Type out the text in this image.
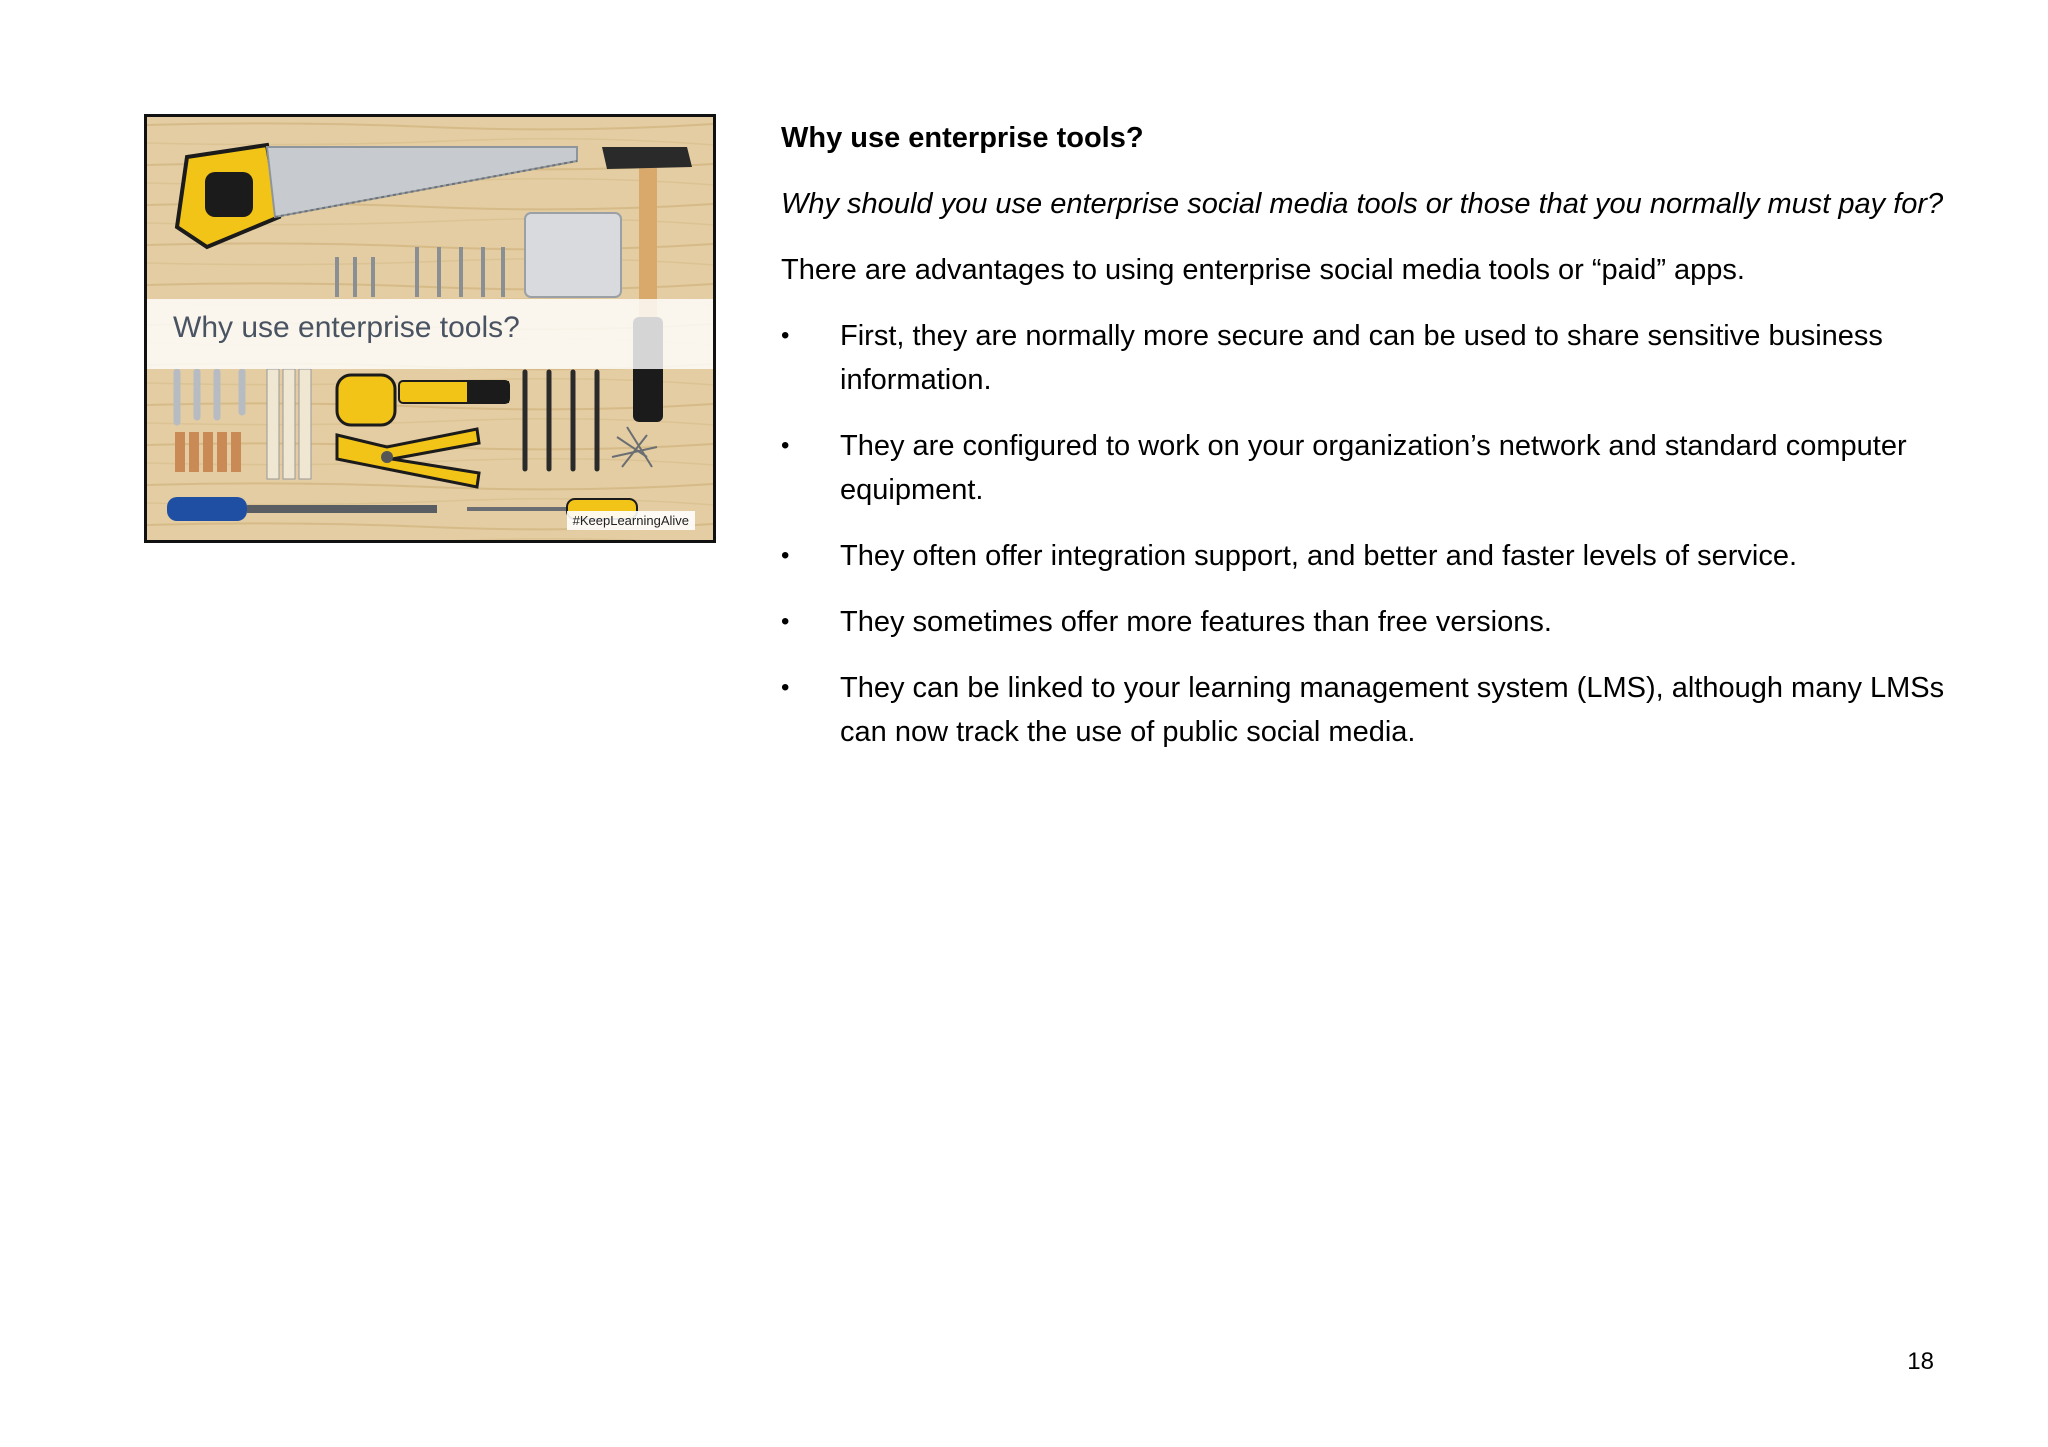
Why use enterprise tools?
#KeepLearningAlive

Why use enterprise tools?

Why should you use enterprise social media tools or those that you normally must pay for?

There are advantages to using enterprise social media tools or “paid” apps.

•	First, they are normally more secure and can be used to share sensitive business information.
•	They are configured to work on your organization’s network and standard computer equipment.
•	They often offer integration support, and better and faster levels of service.
•	They sometimes offer more features than free versions.
•	They can be linked to your learning management system (LMS), although many LMSs can now track the use of public social media.
18
